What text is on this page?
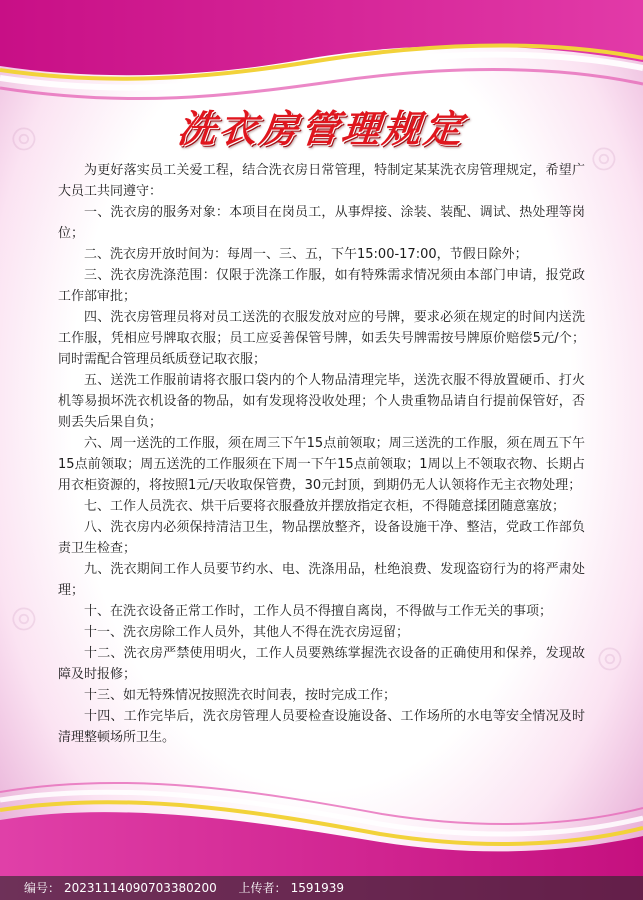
◎	◎
◎
◎
洗衣房管理规定

为更好落实员工关爱工程，结合洗衣房日常管理，特制定某某洗衣房管理规定，希望广大员工共同遵守：

一、洗衣房的服务对象：本项目在岗员工，从事焊接、涂装、装配、调试、热处理等岗位；

二、洗衣房开放时间为：每周一、三、五，下午15:00-17:00，节假日除外；

三、洗衣房洗涤范围：仅限于洗涤工作服，如有特殊需求情况须由本部门申请，报党政工作部审批；

四、洗衣房管理员将对员工送洗的衣服发放对应的号牌，要求必须在规定的时间内送洗工作服，凭相应号牌取衣服；员工应妥善保管号牌，如丢失号牌需按号牌原价赔偿5元/个；同时需配合管理员纸质登记取衣服；

五、送洗工作服前请将衣服口袋内的个人物品清理完毕，送洗衣服不得放置硬币、打火机等易损坏洗衣机设备的物品，如有发现将没收处理；个人贵重物品请自行提前保管好，否则丢失后果自负；

六、周一送洗的工作服，须在周三下午15点前领取；周三送洗的工作服，须在周五下午15点前领取；周五送洗的工作服须在下周一下午15点前领取；1周以上不领取衣物、长期占用衣柜资源的，将按照1元/天收取保管费，30元封顶，到期仍无人认领将作无主衣物处理；

七、工作人员洗衣、烘干后要将衣服叠放并摆放指定衣柜，不得随意揉团随意塞放；

八、洗衣房内必须保持清洁卫生，物品摆放整齐，设备设施干净、整洁，党政工作部负责卫生检查；

九、洗衣期间工作人员要节约水、电、洗涤用品，杜绝浪费、发现盗窃行为的将严肃处理；

十、在洗衣设备正常工作时，工作人员不得擅自离岗，不得做与工作无关的事项；

十一、洗衣房除工作人员外，其他人不得在洗衣房逗留；

十二、洗衣房严禁使用明火，工作人员要熟练掌握洗衣设备的正确使用和保养，发现故障及时报修；

十三、如无特殊情况按照洗衣时间表，按时完成工作；

十四、工作完毕后，洗衣房管理人员要检查设施设备、工作场所的水电等安全情况及时清理整顿场所卫生。

编号： 20231114090703380200 上传者： 1591939
